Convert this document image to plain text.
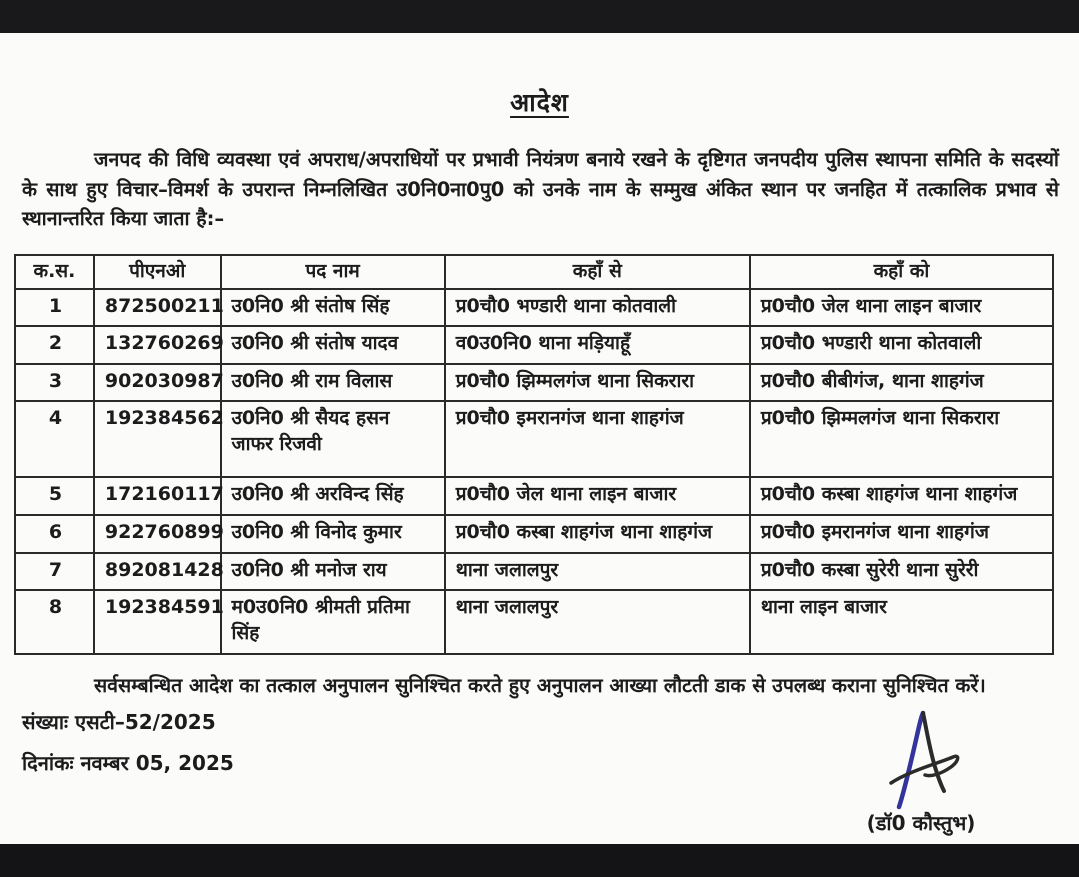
आदेश

जनपद की विधि व्यवस्था एवं अपराध/अपराधियों पर प्रभावी नियंत्रण बनाये रखने के दृष्टिगत जनपदीय पुलिस स्थापना समिति के सदस्यों के साथ हुए विचार–विमर्श के उपरान्त निम्नलिखित उ0नि0ना0पु0 को उनके नाम के सम्मुख अंकित स्थान पर जनहित में तत्कालिक प्रभाव से स्थानान्तरित किया जाता है:–

क.स.	पीएनओ	पद नाम	कहाँ से	कहाँ को
1	872500211	उ0नि0 श्री संतोष सिंह	प्र0चौ0 भण्डारी थाना कोतवाली	प्र0चौ0 जेल थाना लाइन बाजार
2	132760269	उ0नि0 श्री संतोष यादव	व0उ0नि0 थाना मड़ियाहूँ	प्र0चौ0 भण्डारी थाना कोतवाली
3	902030987	उ0नि0 श्री राम विलास	प्र0चौ0 झिम्मलगंज थाना सिकरारा	प्र0चौ0 बीबीगंज, थाना शाहगंज
4	192384562	उ0नि0 श्री सैयद हसन जाफर रिजवी	प्र0चौ0 इमरानगंज थाना शाहगंज	प्र0चौ0 झिम्मलगंज थाना सिकरारा
5	172160117	उ0नि0 श्री अरविन्द सिंह	प्र0चौ0 जेल थाना लाइन बाजार	प्र0चौ0 कस्बा शाहगंज थाना शाहगंज
6	922760899	उ0नि0 श्री विनोद कुमार	प्र0चौ0 कस्बा शाहगंज थाना शाहगंज	प्र0चौ0 इमरानगंज थाना शाहगंज
7	892081428	उ0नि0 श्री मनोज राय	थाना जलालपुर	प्र0चौ0 कस्बा सुरेरी थाना सुरेरी
8	192384591	म0उ0नि0 श्रीमती प्रतिमा सिंह	थाना जलालपुर	थाना लाइन बाजार

सर्वसम्बन्धित आदेश का तत्काल अनुपालन सुनिश्चित करते हुए अनुपालन आख्या लौटती डाक से उपलब्ध कराना सुनिश्चित करें।

संख्याः एसटी–52/2025
दिनांकः नवम्बर 05, 2025
(डॉ0 कौस्तुभ)
